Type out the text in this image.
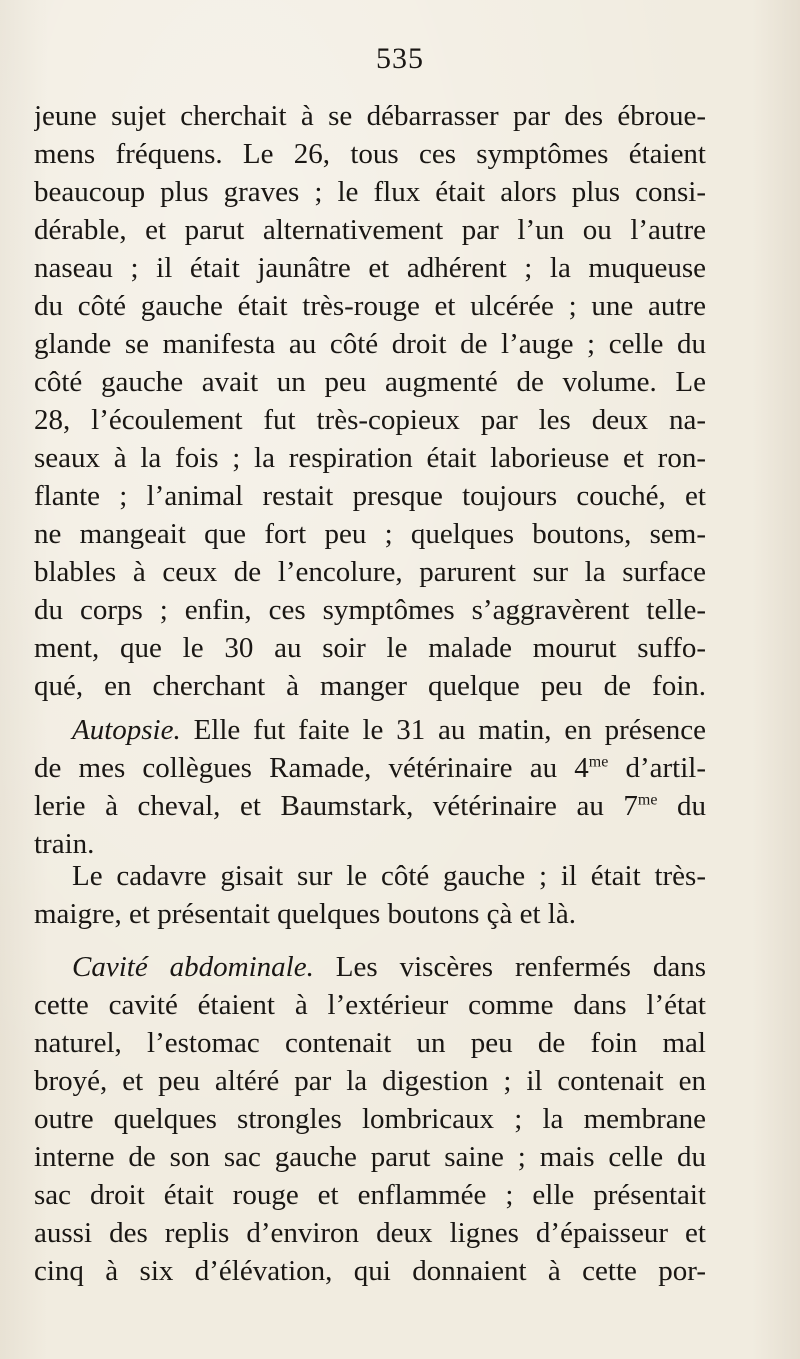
535
jeune sujet cherchait à se débarrasser par des ébroue-
mens fréquens. Le 26, tous ces symptômes étaient
beaucoup plus graves ; le flux était alors plus consi-
dérable, et parut alternativement par l’un ou l’autre
naseau ; il était jaunâtre et adhérent ; la muqueuse
du côté gauche était très-rouge et ulcérée ; une autre
glande se manifesta au côté droit de l’auge ; celle du
côté gauche avait un peu augmenté de volume. Le
28, l’écoulement fut très-copieux par les deux na-
seaux à la fois ; la respiration était laborieuse et ron-
flante ; l’animal restait presque toujours couché, et
ne mangeait que fort peu ; quelques boutons, sem-
blables à ceux de l’encolure, parurent sur la surface
du corps ; enfin, ces symptômes s’aggravèrent telle-
ment, que le 30 au soir le malade mourut suffo-
qué, en cherchant à manger quelque peu de foin.
Autopsie. Elle fut faite le 31 au matin, en présence
de mes collègues Ramade, vétérinaire au $4^{me}$ d’artil-
lerie à cheval, et Baumstark, vétérinaire au $7^{me}$ du
train.
Le cadavre gisait sur le côté gauche ; il était très-
maigre, et présentait quelques boutons çà et là.
Cavité abdominale. Les viscères renfermés dans
cette cavité étaient à l’extérieur comme dans l’état
naturel, l’estomac contenait un peu de foin mal
broyé, et peu altéré par la digestion ; il contenait en
outre quelques strongles lombricaux ; la membrane
interne de son sac gauche parut saine ; mais celle du
sac droit était rouge et enflammée ; elle présentait
aussi des replis d’environ deux lignes d’épaisseur et
cinq à six d’élévation, qui donnaient à cette por-
